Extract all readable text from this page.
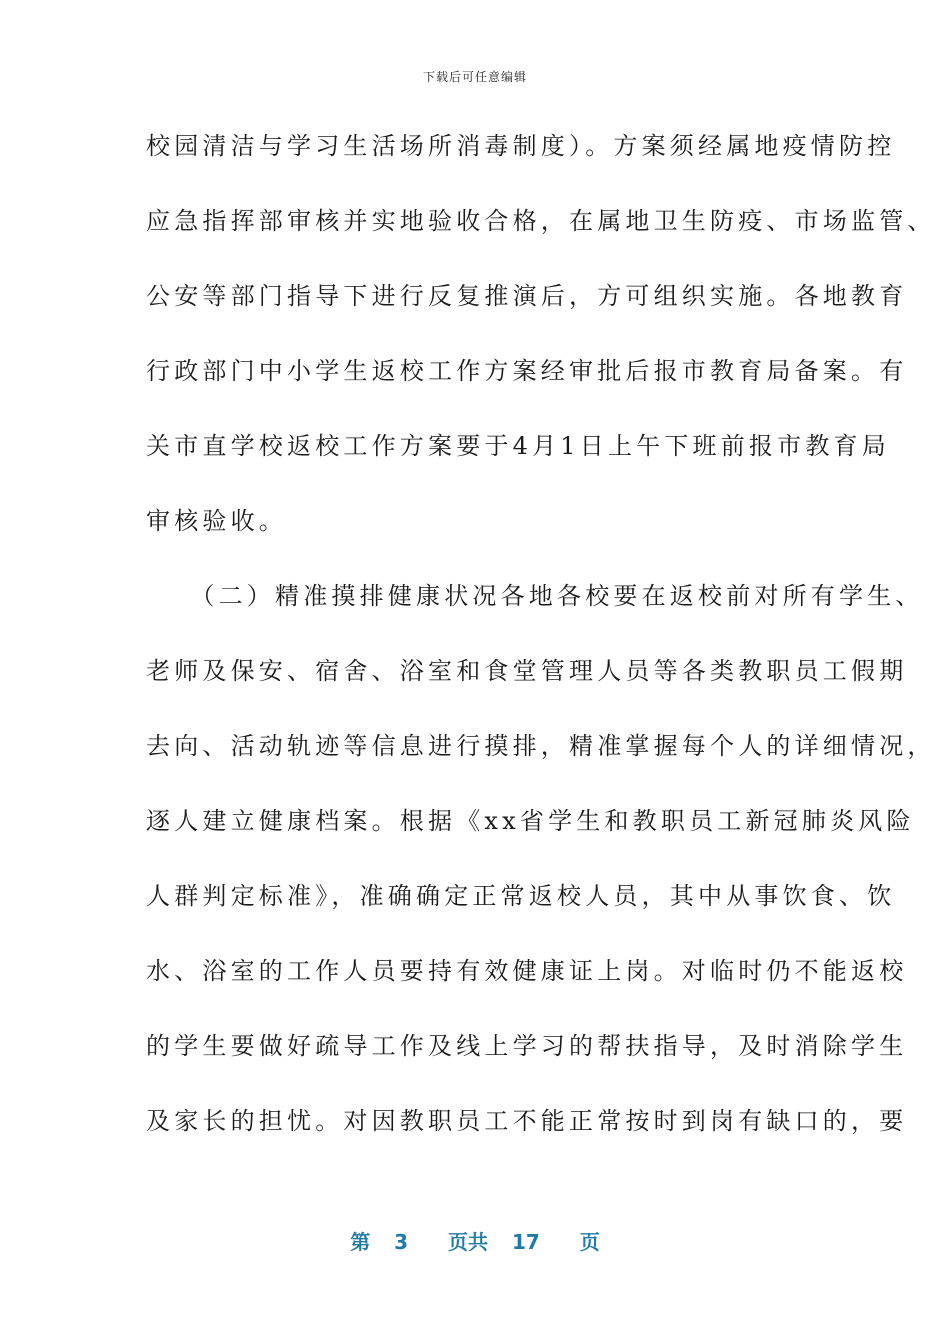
下载后可任意编辑
校园清洁与学习生活场所消毒制度）。方案须经属地疫情防控
应急指挥部审核并实地验收合格，在属地卫生防疫、市场监管、
公安等部门指导下进行反复推演后，方可组织实施。各地教育
行政部门中小学生返校工作方案经审批后报市教育局备案。有
关市直学校返校工作方案要于4月1日上午下班前报市教育局
审核验收。
　　（二）精准摸排健康状况各地各校要在返校前对所有学生、
老师及保安、宿舍、浴室和食堂管理人员等各类教职员工假期
去向、活动轨迹等信息进行摸排，精准掌握每个人的详细情况，
逐人建立健康档案。根据《xx省学生和教职员工新冠肺炎风险
人群判定标准》，准确确定正常返校人员，其中从事饮食、饮
水、浴室的工作人员要持有效健康证上岗。对临时仍不能返校
的学生要做好疏导工作及线上学习的帮扶指导，及时消除学生
及家长的担忧。对因教职员工不能正常按时到岗有缺口的，要
第 3 页共 17 页
